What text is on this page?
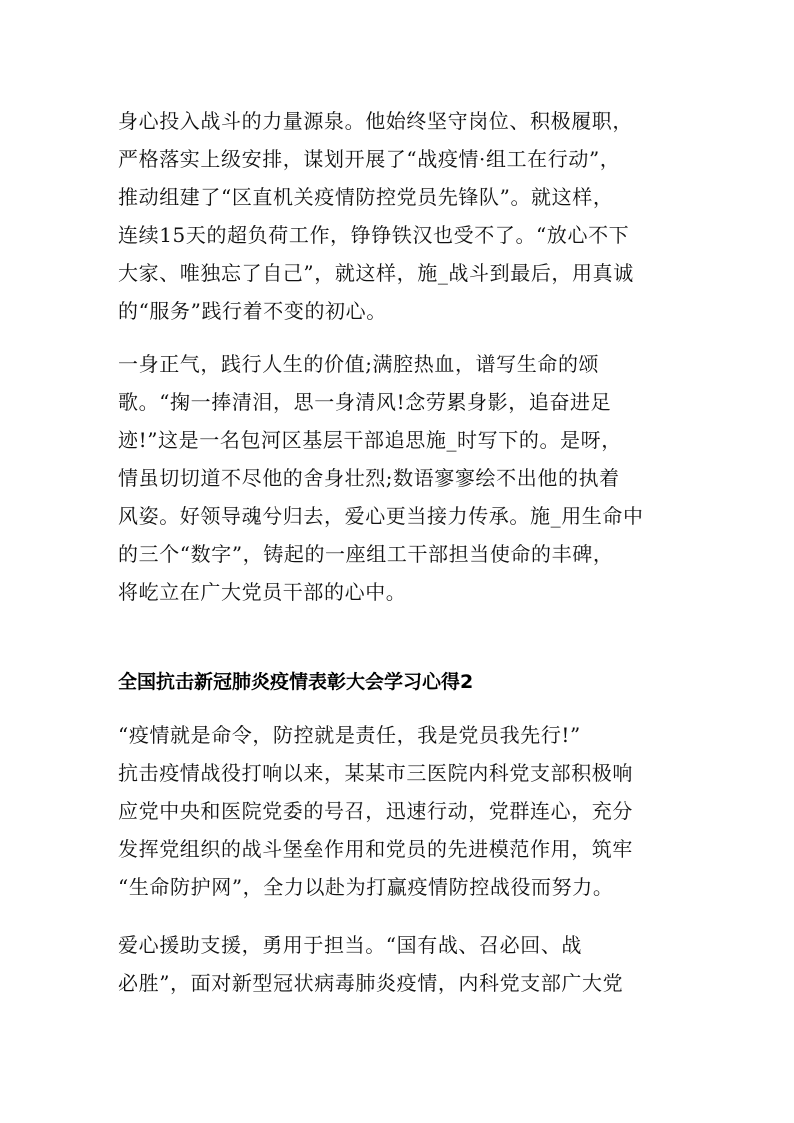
身心投入战斗的力量源泉。他始终坚守岗位、积极履职，
严格落实上级安排，谋划开展了“战疫情·组工在行动”，
推动组建了“区直机关疫情防控党员先锋队”。就这样，
连续15天的超负荷工作，铮铮铁汉也受不了。“放心不下
大家、唯独忘了自己”，就这样，施_战斗到最后，用真诚
的“服务”践行着不变的初心。

一身正气，践行人生的价值;满腔热血，谱写生命的颂
歌。“掬一捧清泪，思一身清风!念劳累身影，追奋进足
迹!”这是一名包河区基层干部追思施_时写下的。是呀，
情虽切切道不尽他的舍身壮烈;数语寥寥绘不出他的执着
风姿。好领导魂兮归去，爱心更当接力传承。施_用生命中
的三个“数字”，铸起的一座组工干部担当使命的丰碑，
将屹立在广大党员干部的心中。

全国抗击新冠肺炎疫情表彰大会学习心得2

“疫情就是命令，防控就是责任，我是党员我先行!”
抗击疫情战役打响以来，某某市三医院内科党支部积极响
应党中央和医院党委的号召，迅速行动，党群连心，充分
发挥党组织的战斗堡垒作用和党员的先进模范作用，筑牢
“生命防护网”，全力以赴为打赢疫情防控战役而努力。

爱心援助支援，勇用于担当。“国有战、召必回、战
必胜”，面对新型冠状病毒肺炎疫情，内科党支部广大党
